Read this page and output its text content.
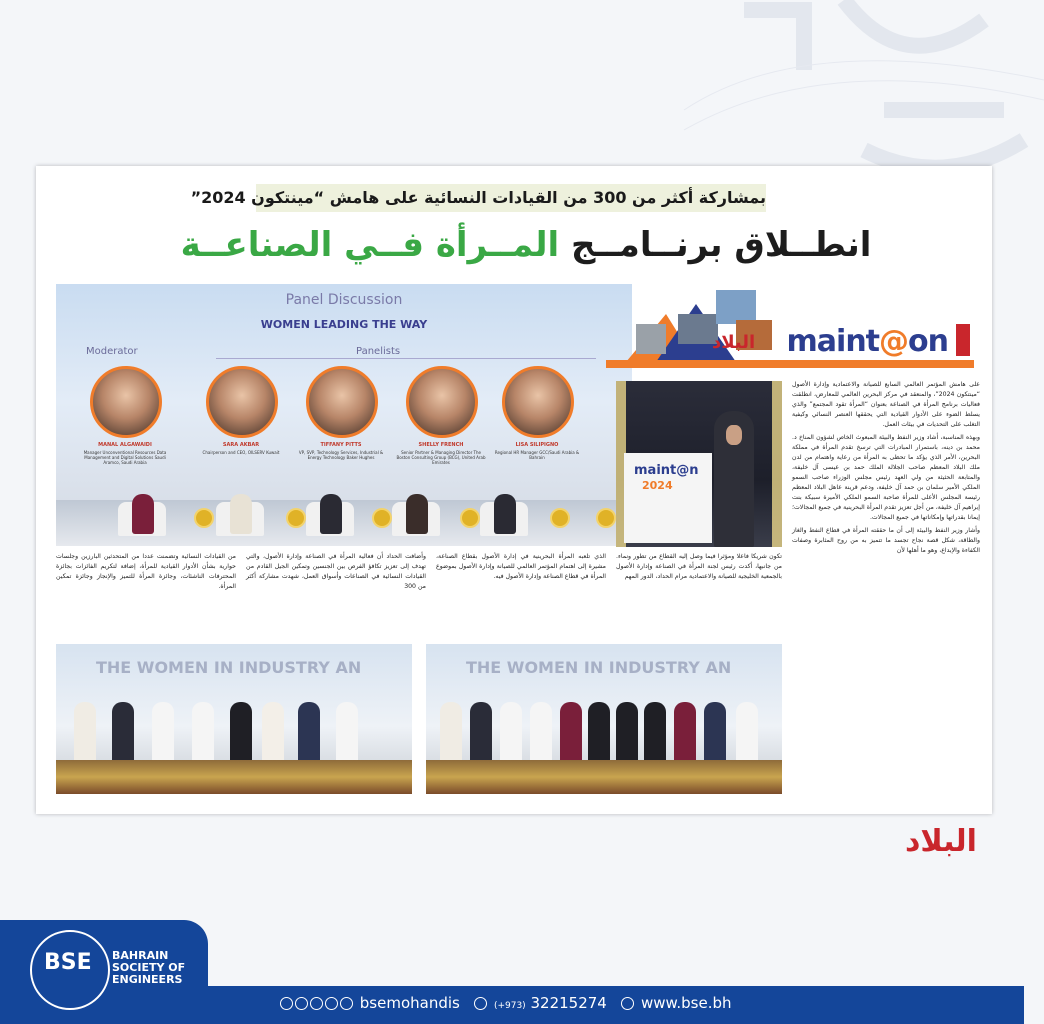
بمشاركة أكثر من 300 من القيادات النسائية على هامش “مينتكون 2024”
انطــلاق برنــامــج المــرأة فــي الصناعــة
Panel Discussion
WOMEN LEADING THE WAY
Moderator	Panelists
MANAL ALGAWAIDI
Manager Unconventional Resources Data Management and Digital Solutions Saudi Aramco, Saudi Arabia
SARA AKBAR
Chairperson and CEO, OILSERV Kuwait
TIFFANY PITTS
VP, SVP, Technology Services, Industrial & Energy Technology Baker Hughes
SHELLY FRENCH
Senior Partner & Managing Director The Boston Consulting Group (BCG), United Arab Emirates
LISA SILIPIGNO
Regional HR Manager GCC/Saudi Arabia & Bahrain
البلاد maint@on
maint@n
2024

على هامش المؤتمر العالمي السابع للصيانة والاعتمادية وإدارة الأصول “مينتكون 2024”، والمنعقد في مركز البحرين العالمي للمعارض، انطلقت فعاليات برنامج المرأة في الصناعة بعنوان “المرأة تقود المجتمع” والذي يسلط الضوء على الأدوار القيادية التي يحققها العنصر النسائي وكيفية التغلب على التحديات في بيئات العمل.

وبهذه المناسبة، أشاد وزير النفط والبيئة المبعوث الخاص لشؤون المناخ د. محمد بن دينه، باستمرار المبادرات التي ترسخ تقدم المرأة في مملكة البحرين، الأمر الذي يؤكد ما تحظى به المرأة من رعاية واهتمام من لدن ملك البلاد المعظم صاحب الجلالة الملك حمد بن عيسى آل خليفة، والمتابعة الحثيثة من ولي العهد رئيس مجلس الوزراء صاحب السمو الملكي الأمير سلمان بن حمد آل خليفة، ودعم قرينة عاهل البلاد المعظم رئيسة المجلس الأعلى للمرأة صاحبة السمو الملكي الأميرة سبيكة بنت إبراهيم آل خليفة، من أجل تعزيز تقدم المرأة البحرينية في جميع المجالات؛ إيمانا بقدراتها وإمكاناتها في جميع المجالات.

وأشار وزير النفط والبيئة إلى أن ما حققته المرأة في قطاع النفط والغاز والطاقة، شكل قصة نجاح تجسد ما تتميز به من روح المثابرة وصفات الكفاءة والإبداع، وهو ما أهلها لأن

تكون شريكا فاعلا ومؤثرا فيما وصل إليه القطاع من تطور ونماء. من جانبها، أكدت رئيس لجنة المرأة في الصناعة وإدارة الأصول بالجمعية الخليجية للصيانة والاعتمادية مرام الحداد، الدور المهم

الذي تلعبه المرأة البحرينية في إدارة الأصول بقطاع الصناعة، مشيرة إلى اهتمام المؤتمر العالمي للصيانة وإدارة الأصول بموضوع المرأة في قطاع الصناعة وإدارة الأصول فيه.

وأضافت الحداد أن فعالية المرأة في الصناعة وإدارة الأصول، والتي تهدف إلى تعزيز تكافؤ الفرص بين الجنسين وتمكين الجيل القادم من القيادات النسائية في الصناعات وأسواق العمل، شهدت مشاركة أكثر من 300

من القيادات النسائية وتضمنت عددا من المتحدثين البارزين وجلسات حوارية بشأن الأدوار القيادية للمرأة، إضافة لتكريم الفائزات بجائزة المحترفات الناشئات، وجائزة المرأة للتميز والإنجاز وجائزة تمكين المرأة.

THE WOMEN IN INDUSTRY AN	THE WOMEN IN INDUSTRY AN
البلاد
BSE BAHRAIN
SOCIETY OF
ENGINEERS
bsemohandis	(+973) 32215274 www.bse.bh
